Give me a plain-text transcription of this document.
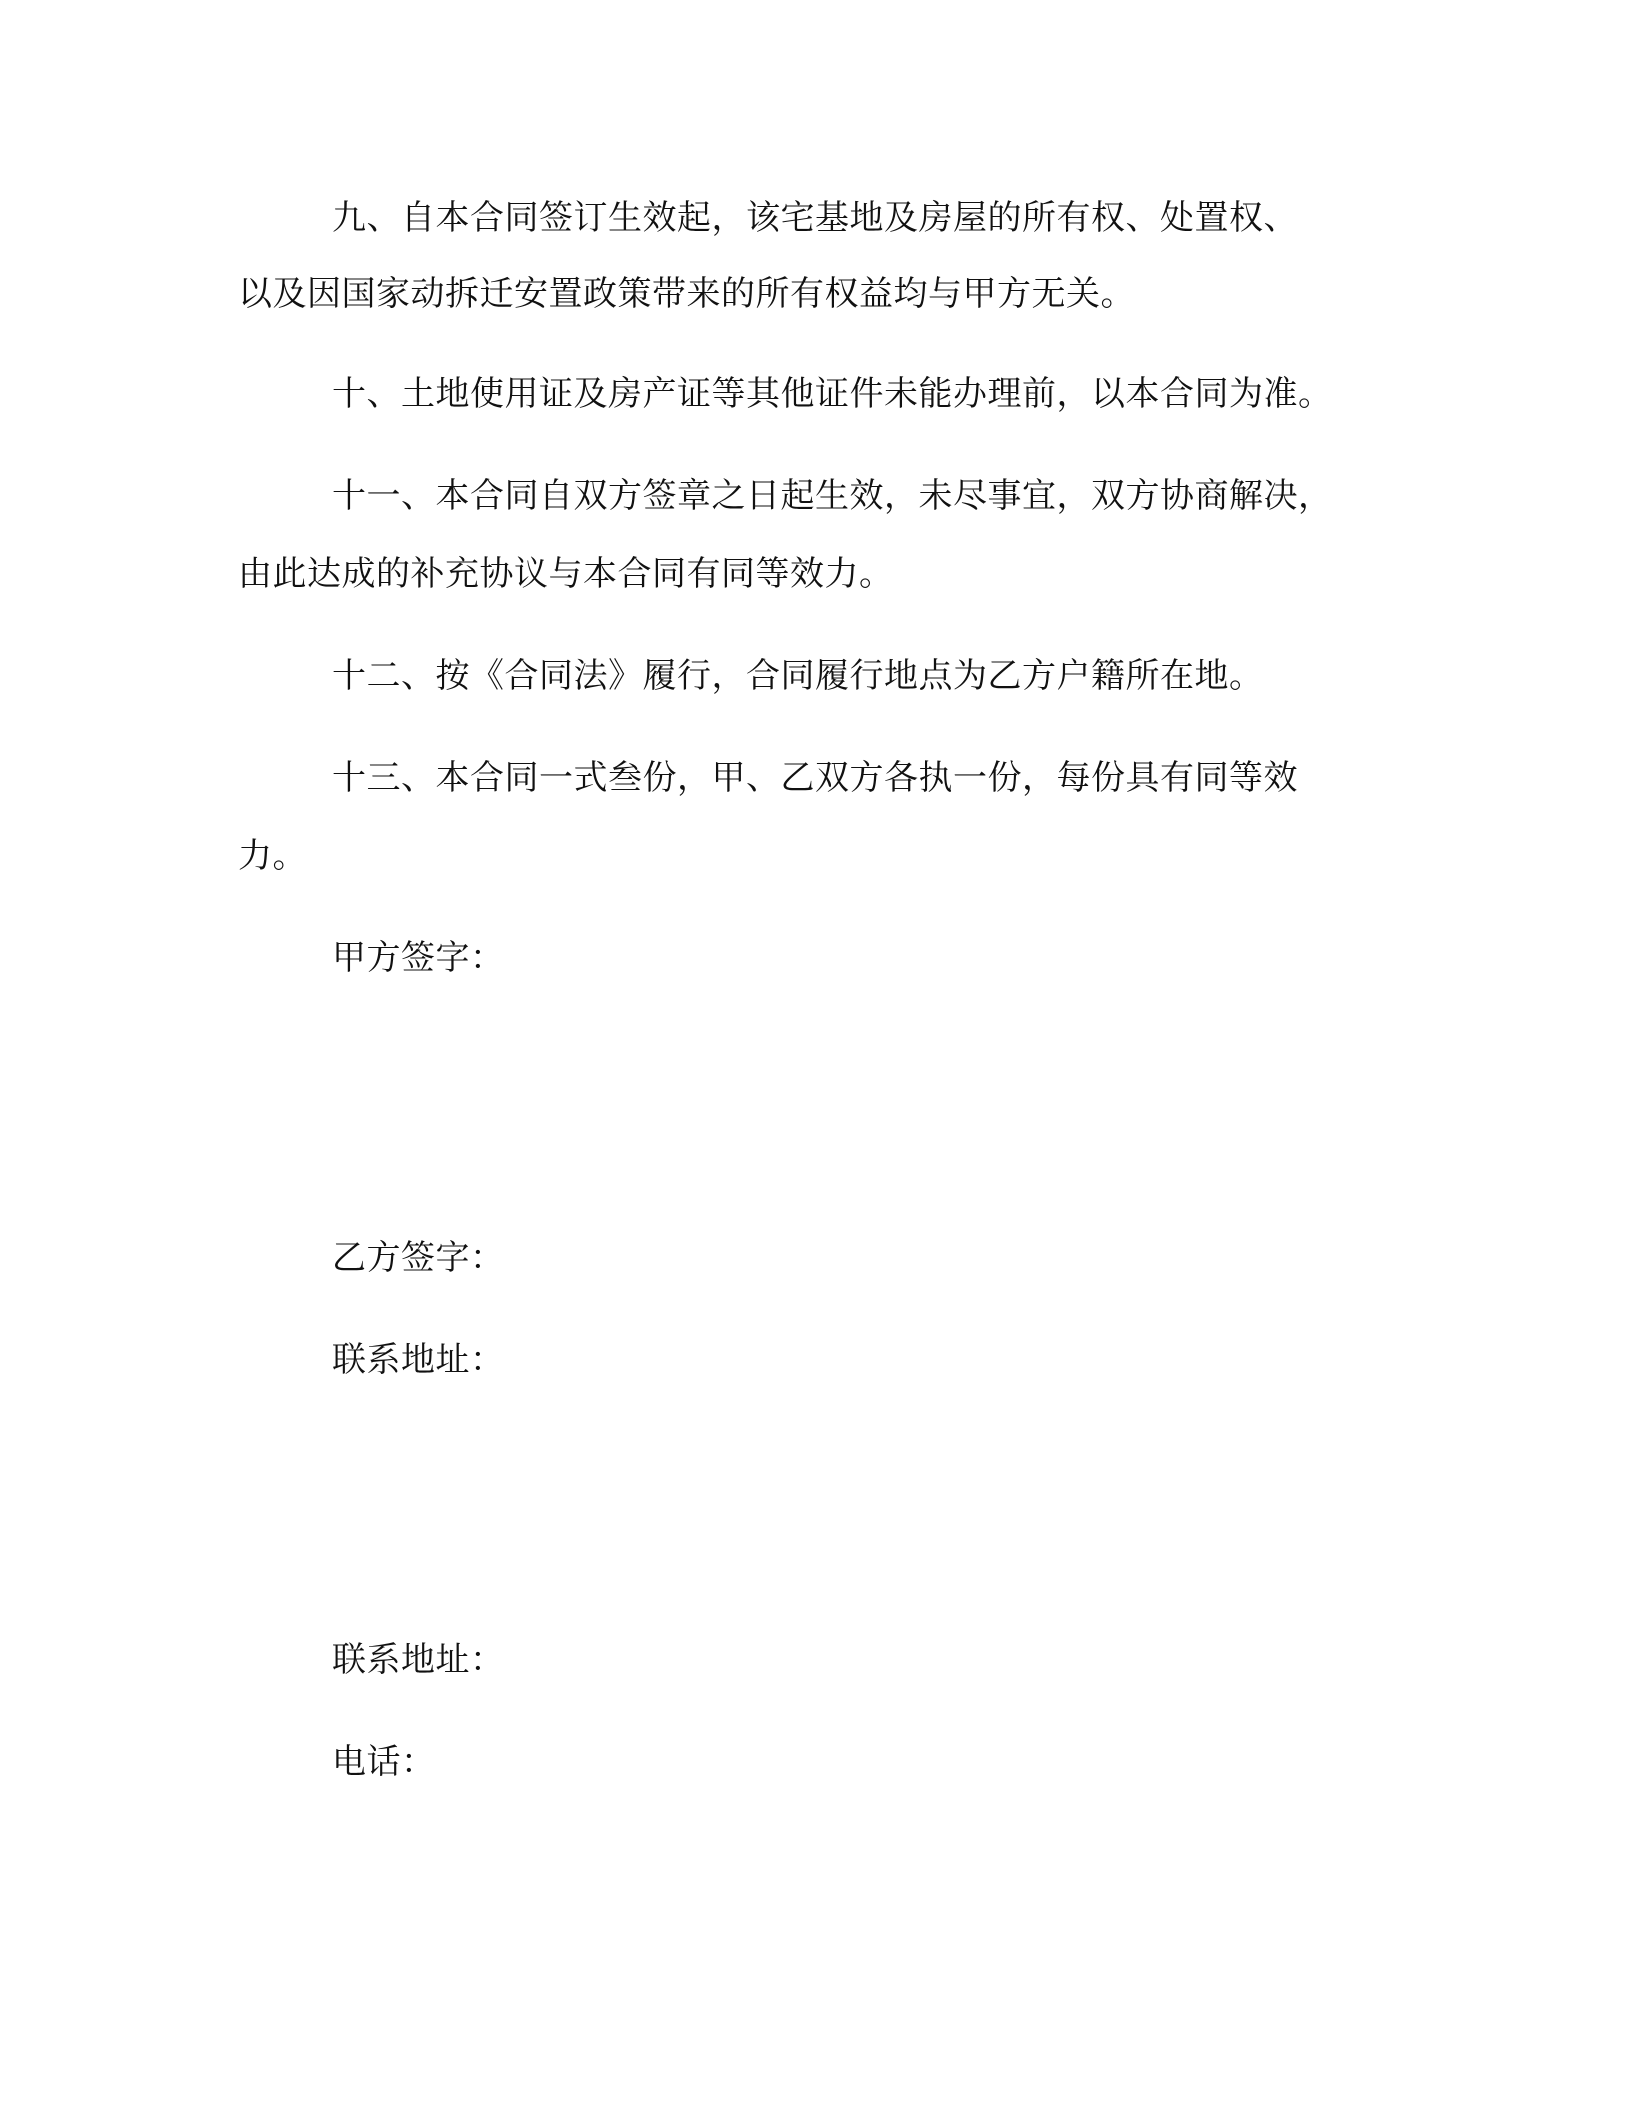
九、自本合同签订生效起，该宅基地及房屋的所有权、处置权、
以及因国家动拆迁安置政策带来的所有权益均与甲方无关。
十、土地使用证及房产证等其他证件未能办理前，以本合同为准。
十一、本合同自双方签章之日起生效，未尽事宜，双方协商解决，
由此达成的补充协议与本合同有同等效力。
十二、按《合同法》履行，合同履行地点为乙方户籍所在地。
十三、本合同一式叁份，甲、乙双方各执一份，每份具有同等效
力。
甲方签字：
乙方签字：
联系地址：
联系地址：
电话：
